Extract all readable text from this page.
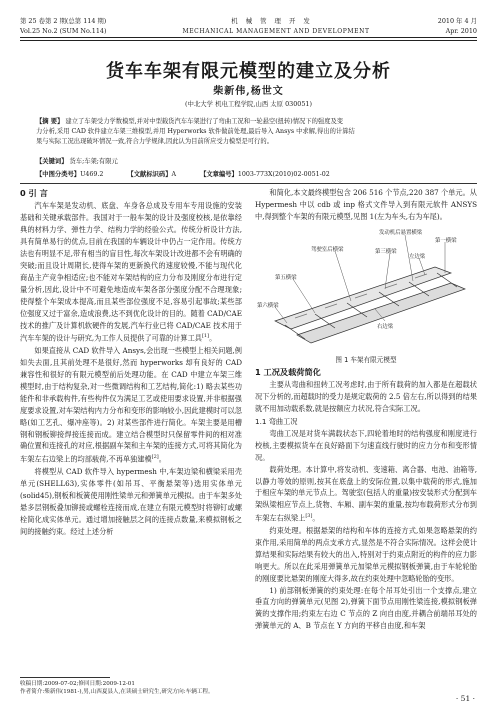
第 25 卷第 2 期(总第 114 期)	机 械 管 理 开 发	2010 年 4 月
Vol.25 No.2 (SUM No.114)	MECHANICAL MANAGEMENT AND DEVELOPMENT	Apr. 2010
货车车架有限元模型的建立及分析
柴新伟,杨世文
(中北大学 机电工程学院,山西 太原 030051)
【摘 要】 建立了车架受力学数模型,并对中型载货汽车车架进行了弯曲工况和一轮悬空(扭转)情况下的强度及变
力分析,采用 CAD 软件建立车架三维模型,并用 Hyperworks 软件做前处理,最后导入 Ansys 中求解,得出的计算结
果与实际工况出现破坏情况一致,符合力学规律,因此认为目前所应受力模型是可行的。
【关键词】 货车;车架;有限元
【中图分类号】U469.2	【文献标识码】A	【文章编号】1003-773X(2010)02-0051-02
0 引 言

汽车车架是发动机、底盘、车身各总成及专用车专用设施的安装基础和关键承载部件。我国对于一般车架的设计及强度校核,是依靠经典的材料力学、弹性力学、结构力学的经验公式。传统分析设计方法,具有简单易行的优点,目前在我国的车辆设计中仍占一定作用。传统方法也有明显不足,带有相当的盲目性,每次车架设计改进都不会有明确的突破;而且设计周期长,使得车架的更新换代的速度较慢,不能与现代化商品主产竞争相适应;也不能对车架结构的应力分布及刚度分布进行定量分析,因此,设计中不可避免地造成车架各部分强度分配不合理现象;使得整个车架成本提高,而且某些部位强度不足,容易引起事故;某些部位强度又过于富余,造成浪费,达不到优化设计的目的。随着 CAD/CAE 技术的推广及计算机软硬件的发展,汽车行业已将 CAD/CAE 技术用于汽车车架的设计与研究,为工作人员提供了可靠的计算工具[1]。

如果直接从 CAD 软件导入 Ansys,会出现一些模型上相关问题,例如失去面,且其前处理不是很好,然而 hyperworks 却有良好的 CAD 兼容性和很好的有限元模型前后处理功能。在 CAD 中建立车架三维模型时,由于结构复杂,对一些微调结构和工艺结构,简化:1) 略去某些功能件和非承载构件,有些构件仅为满足工艺或使用要求设置,并非根据强度要求设置,对车架结构内力分布和变形的影响较小,因此建模时可以忽略(如工艺孔、爆冲座等)。2) 对某些部件进行简化。车架主要是用槽钢和钢板铆接焊接连接而成。建立结合模型时只保留零件间的相对准确位置和连接孔的对应,根据副车架和主车架的连接方式,可将其简化为车架左右边梁上的均部载荷,不再单独建模[2]。

将模型从 CAD 软件导入 hypermesh 中,车架边梁和横梁采用壳单元(SHELL63),实体零件(如吊耳、平衡悬架等)选用实体单元(solid45),钢板和板簧使用刚性梁单元和弹簧单元模拟。由于车架多处悬多层钢板叠加铆接或螺栓连接而成,在建立有限元模型时将铆钉或螺栓简化成实体单元。通过增加接触层之间的连接点数量,来模拟钢板之间的接触约束。经过上述分析

和简化,本文最终模型包含 206 516 个节点,220 387 个单元。从 Hypermesh 中以 cdb 或 inp 格式文件导入到有限元软件 ANSYS 中,得到整个车架的有限元模型,见图 1(左为车头,右为车尾)。

发动机后悬置横梁
第一横梁
驾驶室后横梁	第三横梁
左边梁
第五横梁
第六横梁
右边梁
图 1 车架有限元模型
1 工况及载荷简化

主要从弯曲和扭转工况考虑时,由于所有载荷的加入都是在超载状况下分析的,而超载时的受力是规定载荷的 2.5 倍左右,所以得到的结果就不用加动载系数,就是按额应力状况,符合实际工况。

1.1 弯曲工况

弯曲工况是对货车满载状态下,四轮着地时的结构强度和刚度进行校核,主要模拟货车在良好路面下匀速直线行驶时的应力分布和变形情况。

载荷处理。本计算中,将发动机、变速箱、离合器、电池、油箱等,以静力等效的原则,按其在底盘上的安际位置,以集中载荷的形式,施加于相应车架的单元节点上。驾驶室(包括人的重量)按安装形式分配到车架纵梁相应节点上,货物、车厢、副车架的重量,按均布载荷形式分布到车架左右纵梁上[3]。

约束处理。根据悬架的结构和车体的连接方式,如果忽略悬架的约束作用,采用简单的两点支承方式,显然是不符合实际情况。这样会使计算结果和实际结果有较大的出入,特别对于约束点附近的构件的应力影响更大。所以在此采用弹簧单元加梁单元模拟钢板弹簧,由于车轮轮胎的刚度要比悬架的刚度大得多,故在约束处理中忽略轮胎的变形。

1) 前部钢板弹簧的约束处理:在每个吊耳处引出一个支撑点,建立垂直方向的弹簧单元(见图 2),弹簧下面节点用刚性梁连接,模拟钢板弹簧的支撑作用;约束左右边 C 节点的 Z 向自由度,并耦合前端吊耳处的弹簧单元的 A、B 节点在 Y 方向的平移自由度,和车架

收稿日期:2009-07-02;修回日期:2009-12-01
作者简介:柴新伟(1981-),男,山西夏县人,在读硕士研究生,研究方向:车辆工程。
· 51 ·
